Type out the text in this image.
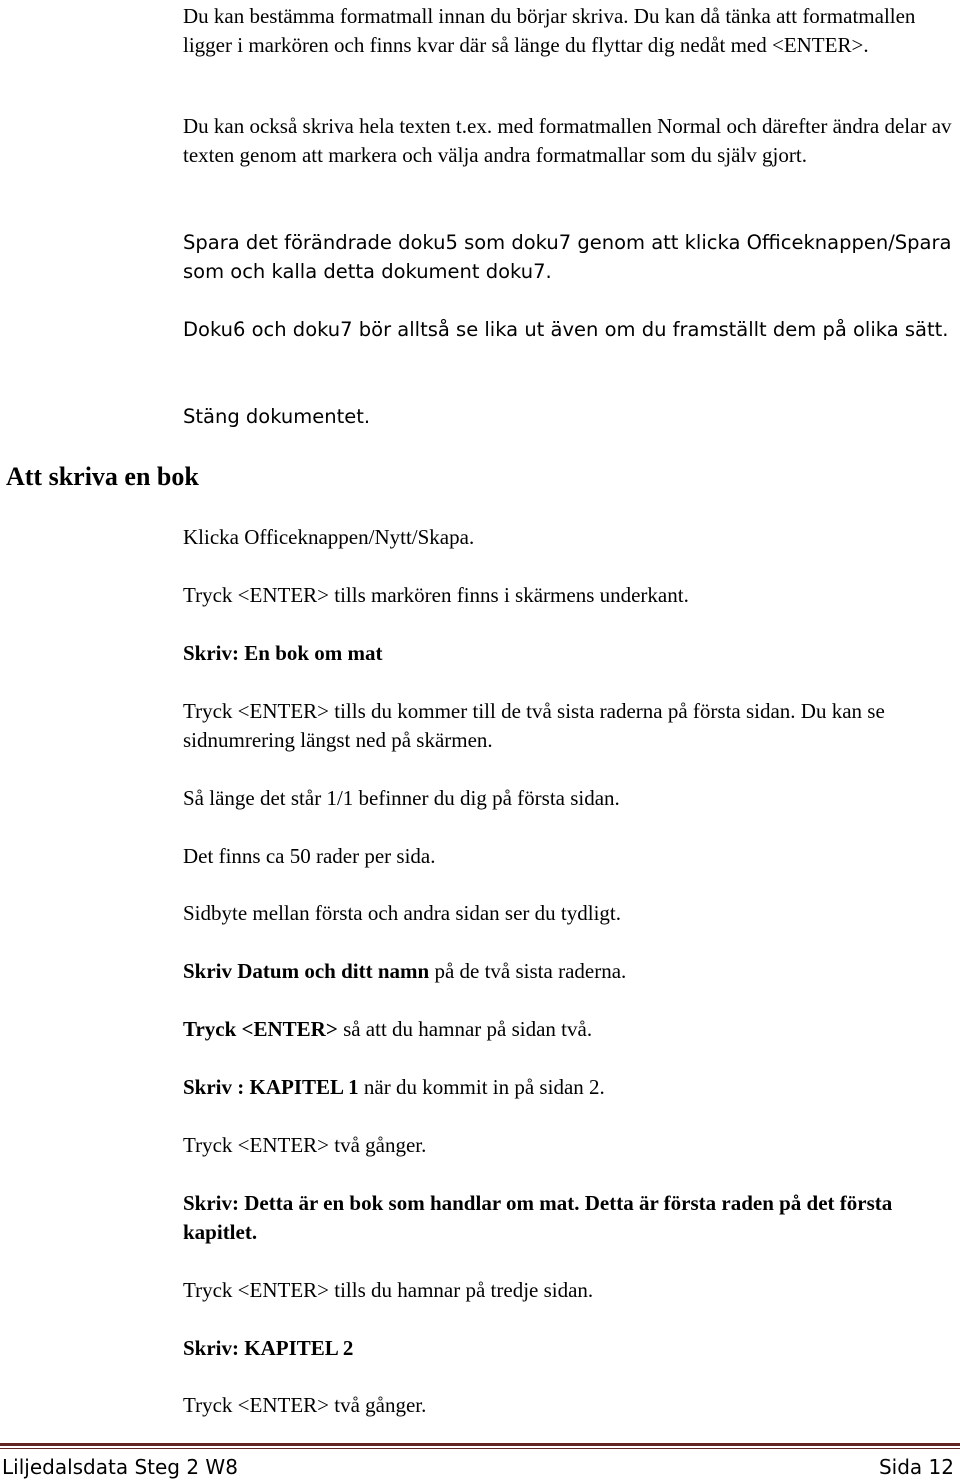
Du kan bestämma formatmall innan du börjar skriva. Du kan då tänka att formatmallen ligger i markören och finns kvar där så länge du flyttar dig nedåt med <ENTER>.

Du kan också skriva hela texten t.ex. med formatmallen Normal och därefter ändra delar av texten genom att markera och välja andra formatmallar som du själv gjort.

Spara det förändrade doku5 som doku7 genom att klicka Officeknappen/Spara som och kalla detta dokument doku7.

Doku6 och doku7 bör alltså se lika ut även om du framställt dem på olika sätt.

Stäng dokumentet.

Att skriva en bok

Klicka Officeknappen/Nytt/Skapa.

Tryck <ENTER> tills markören finns i skärmens underkant.

Skriv: En bok om mat

Tryck <ENTER> tills du kommer till de två sista raderna på första sidan. Du kan se sidnumrering längst ned på skärmen.

Så länge det står 1/1 befinner du dig på första sidan.

Det finns ca 50 rader per sida.

Sidbyte mellan första och andra sidan ser du tydligt.

Skriv Datum och ditt namn på de två sista raderna.

Tryck <ENTER> så att du hamnar på sidan två.

Skriv : KAPITEL 1 när du kommit in på sidan 2.

Tryck <ENTER> två gånger.

Skriv: Detta är en bok som handlar om mat. Detta är första raden på det första kapitlet.

Tryck <ENTER> tills du hamnar på tredje sidan.

Skriv: KAPITEL 2

Tryck <ENTER> två gånger.

Liljedalsdata Steg 2 W8	Sida 12
